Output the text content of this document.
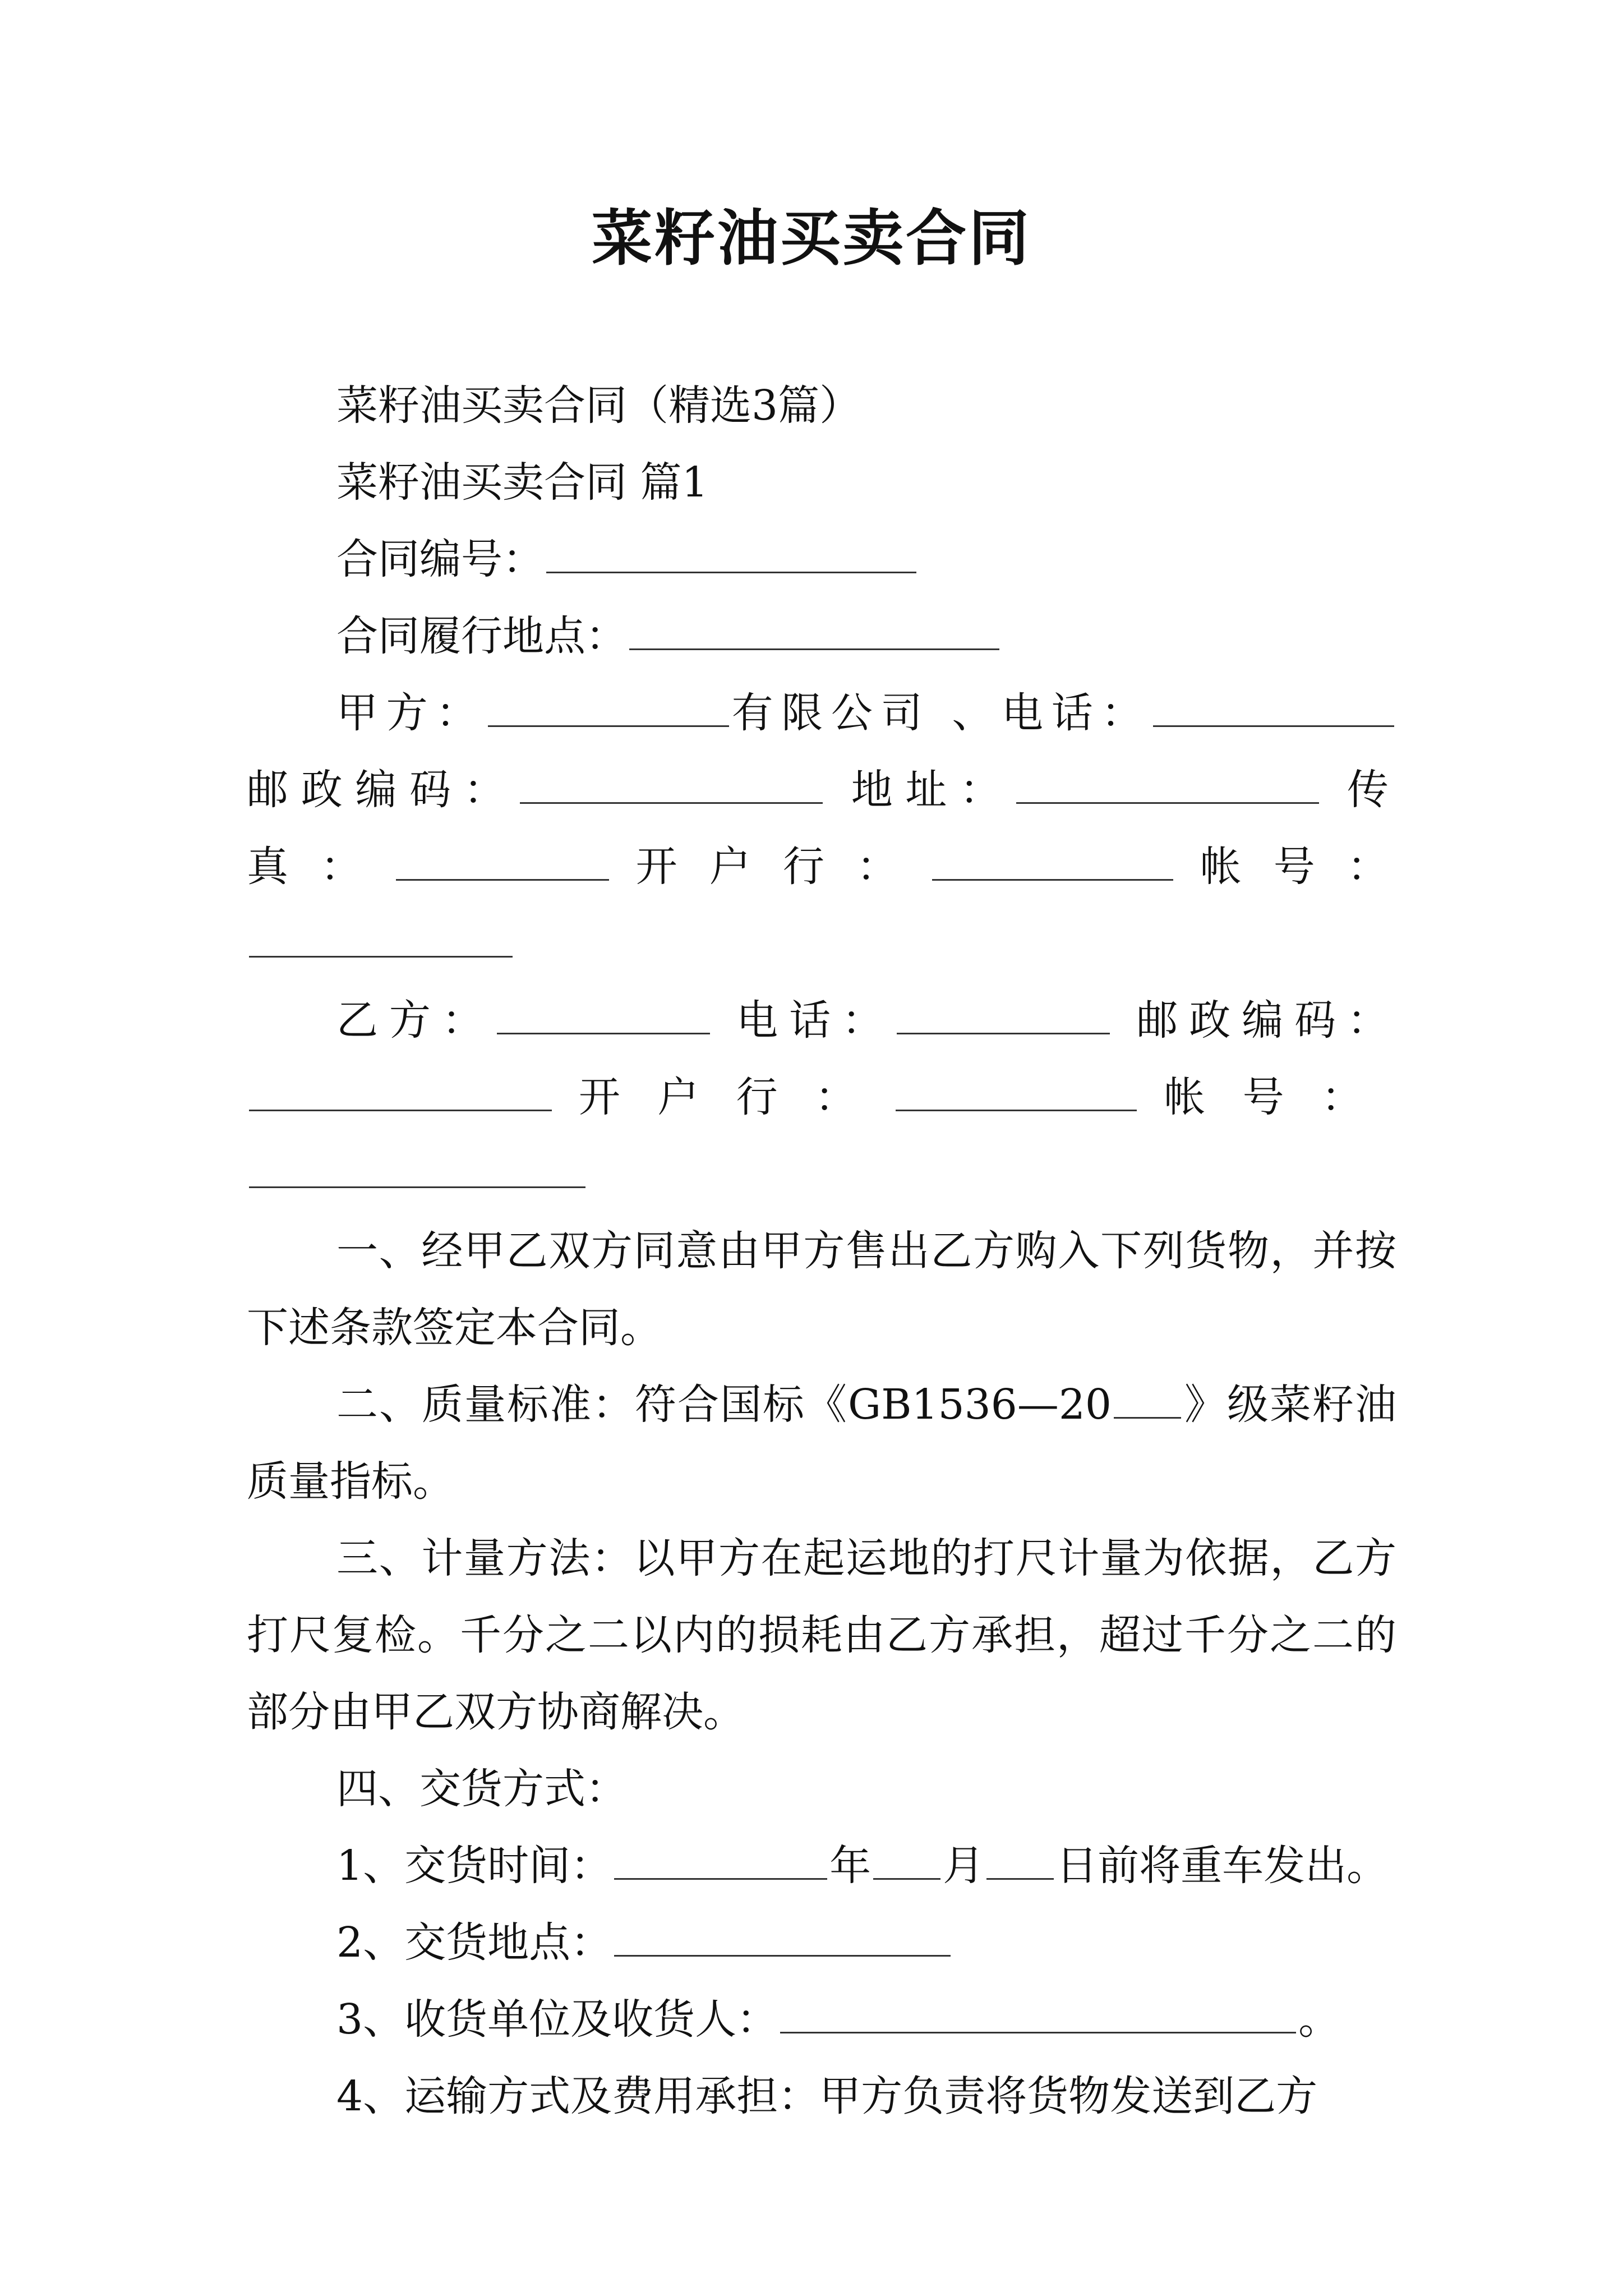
菜籽油买卖合同

菜籽油买卖合同（精选3篇）

菜籽油买卖合同 篇1

合同编号：

合同履行地点：

甲方：	有限公司 、电话： 邮政编码：	地址：	传真：	开户行：	帐号：

乙方：	电话：	邮政编码： 开户行：	帐号：

一、经甲乙双方同意由甲方售出乙方购入下列货物，并按下述条款签定本合同。

二、质量标准：符合国标《GB1536—20 》级菜籽油质量指标。

三、计量方法：以甲方在起运地的打尺计量为依据，乙方打尺复检。千分之二以内的损耗由乙方承担，超过千分之二的部分由甲乙双方协商解决。

四、交货方式：

1、交货时间：	年 月 日前将重车发出。

2、交货地点：

3、收货单位及收货人：	。

4、运输方式及费用承担：甲方负责将货物发送到乙方
